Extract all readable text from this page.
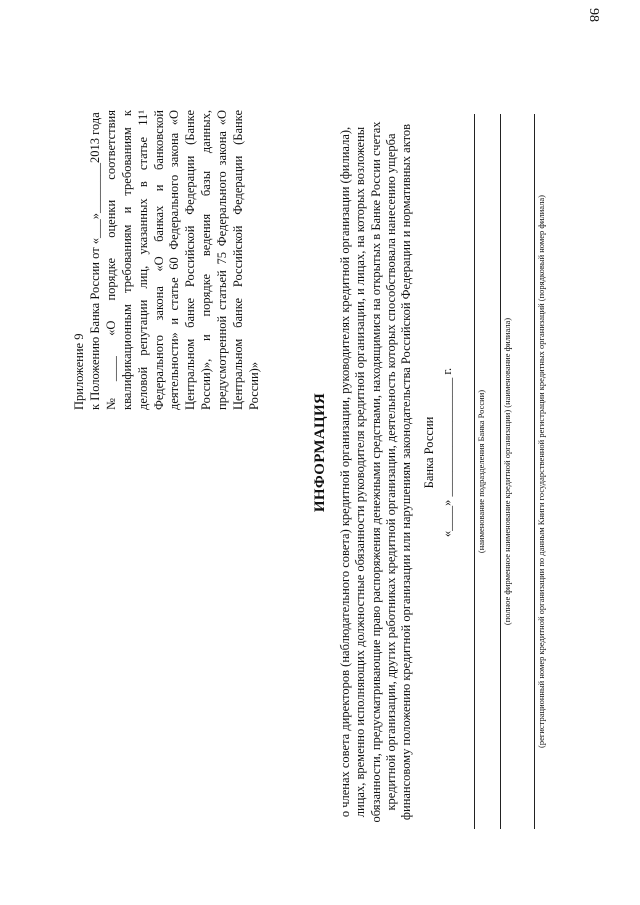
98

Приложение 9 к Положению Банка России от «___»________2013 года №____ «О порядке оценки соответствия квалификационным требованиям и требованиям к деловой репутации лиц, указанных в статье 11¹ Федерального закона «О банках и банковской деятельности» и статье 60 Федерального закона «О Центральном банке Российской Федерации (Банке России)», и порядке ведения базы данных, предусмотренной статьей 75 Федерального закона «О Центральном банке Российской Федерации (Банке России)»

ИНФОРМАЦИЯ о членах совета директоров (наблюдательного совета) кредитной организации, руководителях кредитной организации (филиала), лицах, временно исполняющих должностные обязанности руководителя кредитной организации, и лицах, на которых возложены обязанности, предусматривающие право распоряжения денежными средствами, находящимися на открытых в Банке России счетах кредитной организации, других работниках кредитной организации, деятельность которых способствовала нанесению ущерба финансовому положению кредитной организации или нарушениям законодательства Российской Федерации и нормативных актов Банка России «____» ___________________ г.	(наименование подразделения Банка России) (полное фирменное наименование кредитной организации) (наименование филиала)	(регистрационный номер кредитной организации по данным Книги государственной регистрации кредитных организаций (порядковый номер филиала)
